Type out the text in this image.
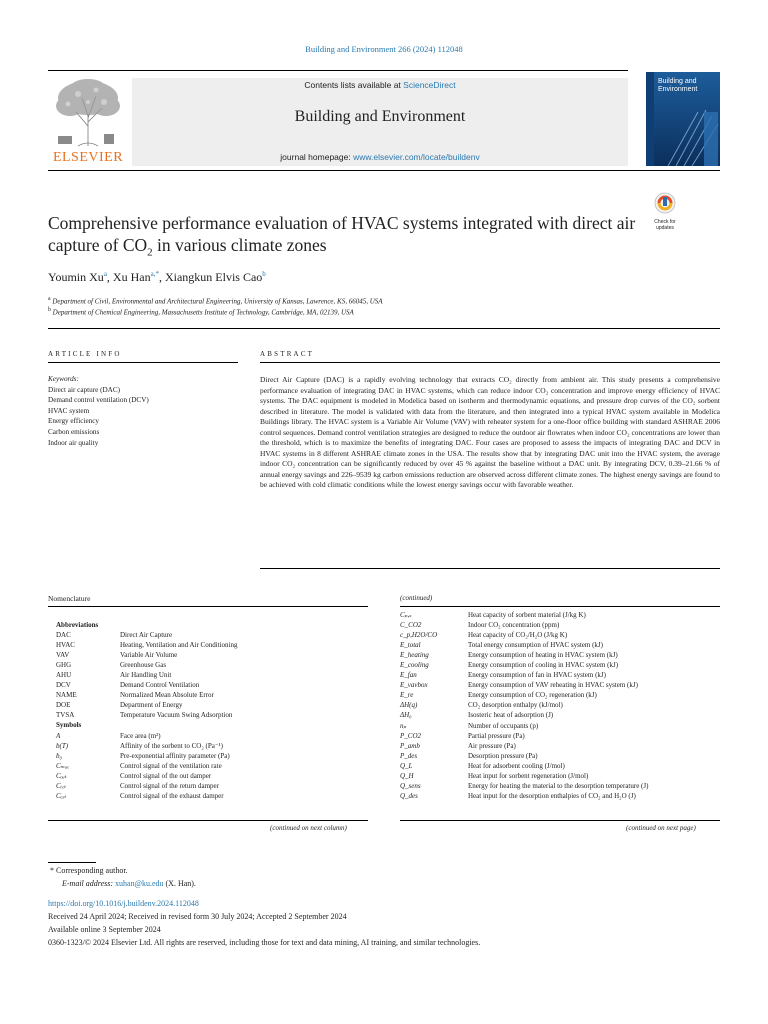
Building and Environment 266 (2024) 112048
ELSEVIER
Contents lists available at ScienceDirect
Building and Environment
journal homepage: www.elsevier.com/locate/buildenv
Building and Environment
Comprehensive performance evaluation of HVAC systems integrated with direct air capture of $CO_2$ in various climate zones
Check for
updates
Youmin Xu$^a$, Xu Han$^{a,*}$, Xiangkun Elvis Cao$^b$
$^a$ Department of Civil, Environmental and Architectural Engineering, University of Kansas, Lawrence, KS, 66045, USA
$^b$ Department of Chemical Engineering, Massachusetts Institute of Technology, Cambridge, MA, 02139, USA
ARTICLE INFO
Keywords:
Direct air capture (DAC)
Demand control ventilation (DCV)
HVAC system
Energy efficiency
Carbon emissions
Indoor air quality
ABSTRACT
Direct Air Capture (DAC) is a rapidly evolving technology that extracts CO₂ directly from ambient air. This study presents a comprehensive performance evaluation of integrating DAC in HVAC systems, which can reduce indoor CO₂ concentration and improve energy efficiency of HVAC systems. The DAC equipment is modeled in Modelica based on isotherm and thermodynamic equations, and pressure drop curves of the CO₂ sorbent described in literature. The model is validated with data from the literature, and then integrated into a typical HVAC system available in Modelica Buildings library. The HVAC system is a Variable Air Volume (VAV) with reheater system for a one-floor office building with standard ASHRAE 2006 control sequences. Demand control ventilation strategies are designed to reduce the outdoor air flowrates when indoor CO₂ concentrations are lower than the threshold, which is to maximize the benefits of integrating DAC. Four cases are proposed to assess the impacts of integrating DAC and DCV in HVAC systems in 8 different ASHRAE climate zones in the USA. The results show that by integrating DAC unit into the HVAC system, the average indoor CO₂ concentration can be significantly reduced by over 45 % against the baseline without a DAC unit. By integrating DCV, 0.39–21.66 % of annual energy savings and 226–9539 kg carbon emissions reduction are observed across different climate zones. The highest energy savings are found to be achieved with cold climatic conditions while the lowest energy savings occur with favorable weather.
Nomenclature	(continued)
Abbreviations	
DAC	Direct Air Capture
HVAC	Heating, Ventilation and Air Conditioning
VAV	Variable Air Volume
GHG	Greenhouse Gas
AHU	Air Handling Unit
DCV	Demand Control Ventilation
NAME	Normalized Mean Absolute Error
DOE	Department of Energy
TVSA	Temperature Vacuum Swing Adsorption
Symbols	
A	Face area (m²)
b(T)	Affinity of the sorbent to CO₂ (Pa⁻¹)
b₀	Pre-exponential affinity parameter (Pa)
Cₘₐₓ	Control signal of the ventilation rate
Cₒᵤₜ	Control signal of the out damper
Cᵣₑₜ	Control signal of the return damper
Cₑₓₜ	Control signal of the exhaust damper
Cₚ,ₛ	Heat capacity of sorbent material (J/kg K)
C_CO2	Indoor CO₂ concentration (ppm)
c_p,H2O/CO	Heat capacity of CO₂/H₂O (J/kg K)
E_total	Total energy consumption of HVAC system (kJ)
E_heating	Energy consumption of heating in HVAC system (kJ)
E_cooling	Energy consumption of cooling in HVAC system (kJ)
E_fan	Energy consumption of fan in HVAC system (kJ)
E_vavbox	Energy consumption of VAV reheating in HVAC system (kJ)
E_re	Energy consumption of CO₂ regeneration (kJ)
ΔH(q)	CO₂ desorption enthalpy (kJ/mol)
ΔH₀	Isosteric heat of adsorption (J)
nₚ	Number of occupants (p)
P_CO2	Partial pressure (Pa)
P_amb	Air pressure (Pa)
P_des	Desorption pressure (Pa)
Q_L	Heat for adsorbent cooling (J/mol)
Q_H	Heat input for sorbent regeneration (J/mol)
Q_sens	Energy for heating the material to the desorption temperature (J)
Q_des	Heat input for the desorption enthalpies of CO₂ and H₂O (J)
(continued on next column)	(continued on next page)
* Corresponding author.
E-mail address: xuhan@ku.edu (X. Han).
https://doi.org/10.1016/j.buildenv.2024.112048
Received 24 April 2024; Received in revised form 30 July 2024; Accepted 2 September 2024
Available online 3 September 2024
0360-1323/© 2024 Elsevier Ltd. All rights are reserved, including those for text and data mining, AI training, and similar technologies.
